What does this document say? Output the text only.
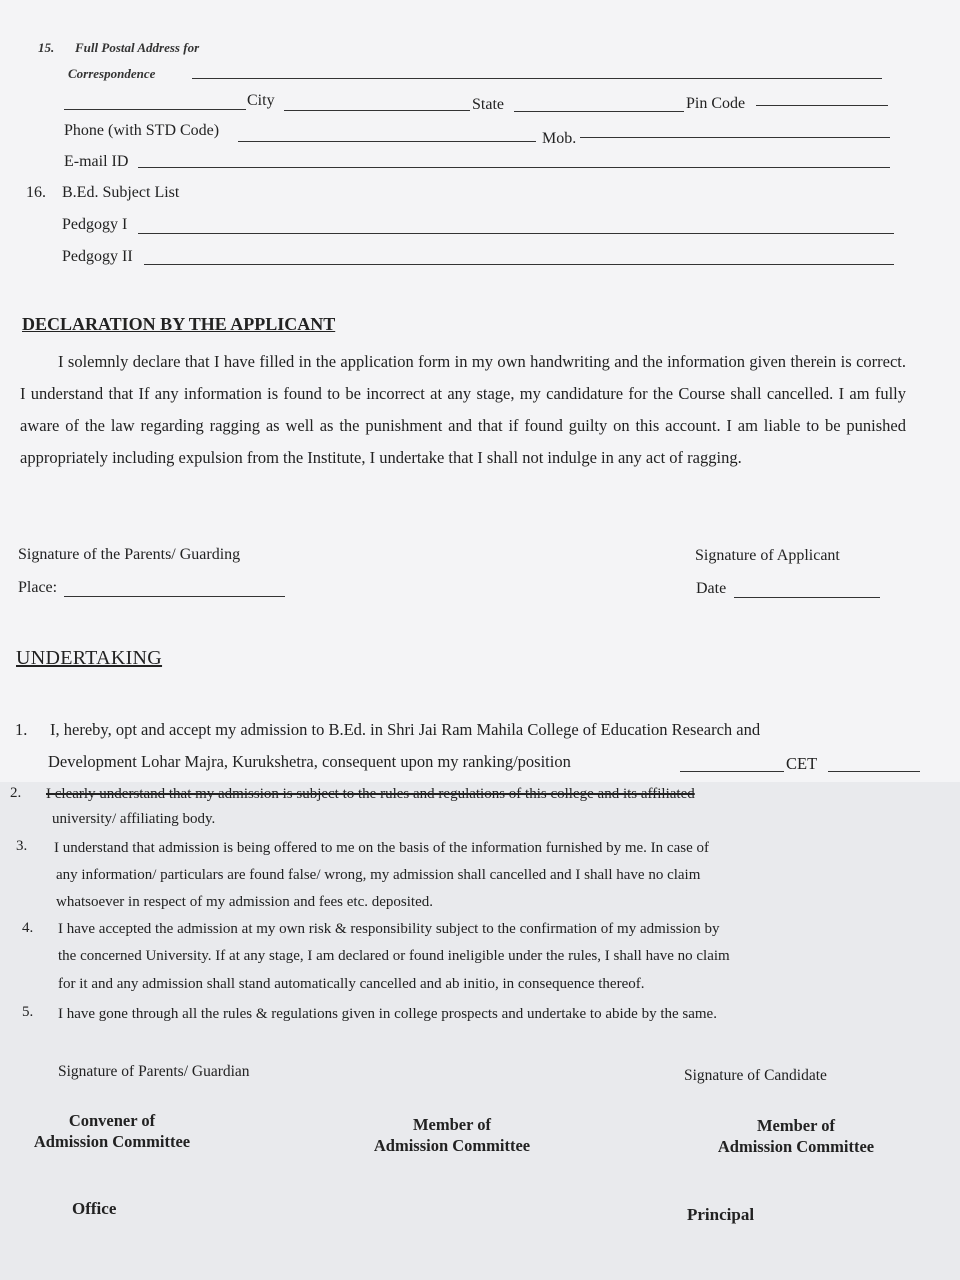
15. Full Postal Address for
Correspondence
City	State	Pin Code
Phone (with STD Code)	Mob.
E-mail ID
16. B.Ed. Subject List
Pedgogy I
Pedgogy II
DECLARATION BY THE APPLICANT

I solemnly declare that I have filled in the application form in my own handwriting and the information given therein is correct. I understand that If any information is found to be incorrect at any stage, my candidature for the Course shall cancelled. I am fully aware of the law regarding ragging as well as the punishment and that if found guilty on this account. I am liable to be punished appropriately including expulsion from the Institute, I undertake that I shall not indulge in any act of ragging.

Signature of the Parents/ Guarding	Signature of Applicant
Place:	Date
UNDERTAKING
1. I, hereby, opt and accept my admission to B.Ed. in Shri Jai Ram Mahila College of Education Research and
Development Lohar Majra, Kurukshetra, consequent upon my ranking/position	CET
2. I clearly understand that my admission is subject to the rules and regulations of this college and its affiliated
university/ affiliating body.
3. I understand that admission is being offered to me on the basis of the information furnished by me. In case of
any information/ particulars are found false/ wrong, my admission shall cancelled and I shall have no claim
whatsoever in respect of my admission and fees etc. deposited.
4. I have accepted the admission at my own risk & responsibility subject to the confirmation of my admission by
the concerned University. If at any stage, I am declared or found ineligible under the rules, I shall have no claim
for it and any admission shall stand automatically cancelled and ab initio, in consequence thereof.
5. I have gone through all the rules & regulations given in college prospects and undertake to abide by the same.
Signature of Parents/ Guardian	Signature of Candidate
Convener of
Admission Committee
Member of
Admission Committee
Member of
Admission Committee
Office	Principal
